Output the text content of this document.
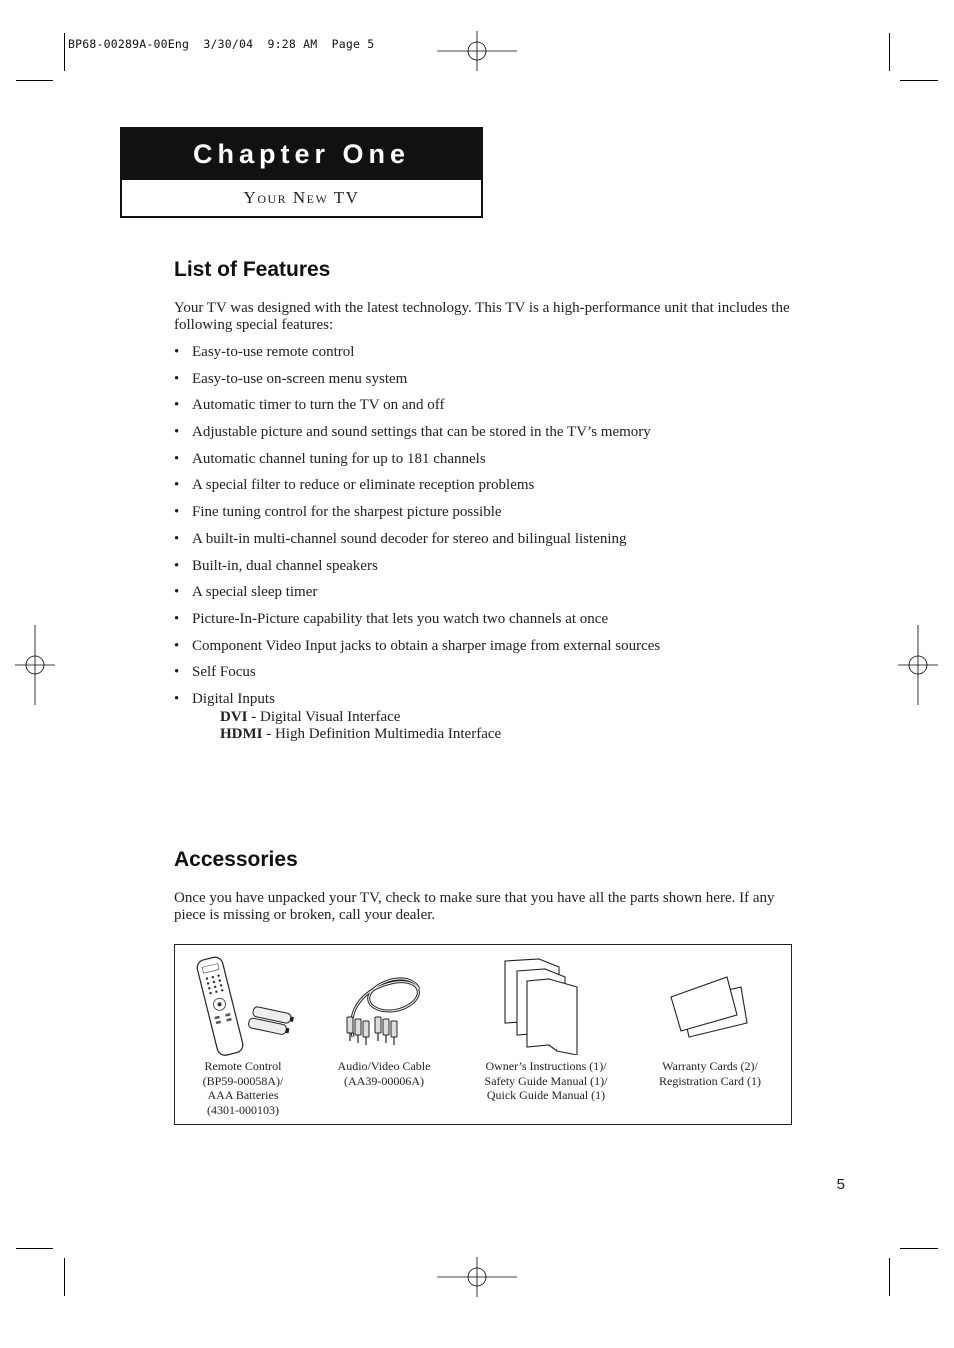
BP68-00289A-00Eng  3/30/04  9:28 AM  Page 5
Chapter One
Your New TV
List of Features
Your TV was designed with the latest technology. This TV is a high-performance unit that includes the following special features:
• Easy-to-use remote control
• Easy-to-use on-screen menu system
• Automatic timer to turn the TV on and off
• Adjustable picture and sound settings that can be stored in the TV’s memory
• Automatic channel tuning for up to 181 channels
• A special filter to reduce or eliminate reception problems
• Fine tuning control for the sharpest picture possible
• A built-in multi-channel sound decoder for stereo and bilingual listening
• Built-in, dual channel speakers
• A special sleep timer
• Picture-In-Picture capability that lets you watch two channels at once
• Component Video Input jacks to obtain a sharper image from external sources
• Self Focus
• Digital Inputs
DVI - Digital Visual Interface
HDMI - High Definition Multimedia Interface
Accessories
Once you have unpacked your TV, check to make sure that you have all the parts shown here. If any piece is missing or broken, call your dealer.
Remote Control
(BP59-00058A)/
AAA Batteries
(4301-000103)
Audio/Video Cable
(AA39-00006A)
Owner’s Instructions (1)/
Safety Guide Manual (1)/
Quick Guide Manual (1)
Warranty Cards (2)/
Registration Card (1)
5
